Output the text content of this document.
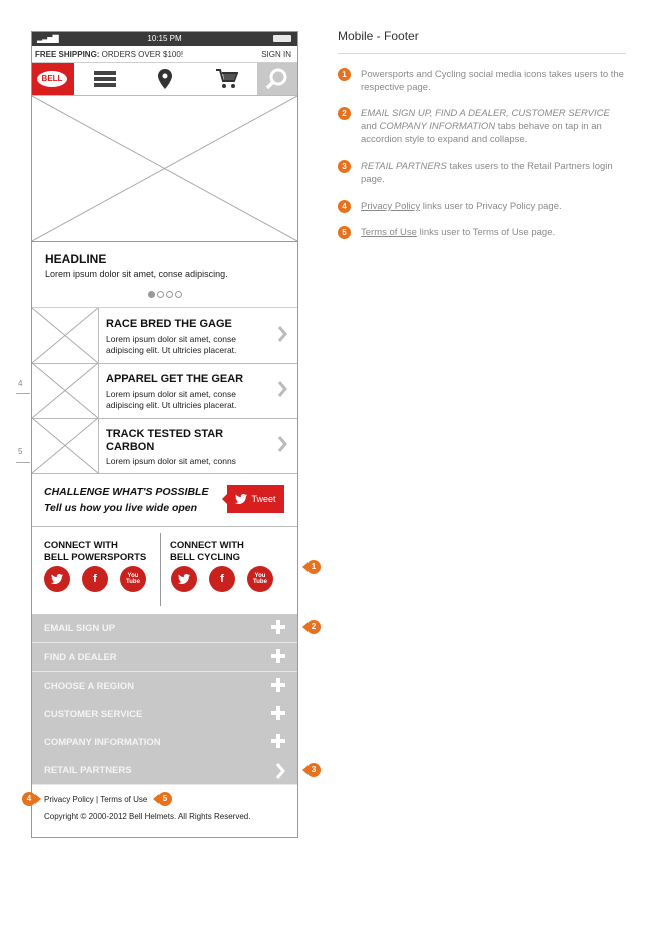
4
5
▂▃▅▇	10:15 PM
FREE SHIPPING: ORDERS OVER $100!	SIGN IN
BELL
HEADLINE
Lorem ipsum dolor sit amet, conse adipiscing.
RACE BRED THE GAGE
Lorem ipsum dolor sit amet, conse adipiscing elit. Ut ultricies placerat.
APPAREL GET THE GEAR
Lorem ipsum dolor sit amet, conse adipiscing elit. Ut ultricies placerat.
TRACK TESTED STAR CARBON
Lorem ipsum dolor sit amet, conns
CHALLENGE WHAT'S POSSIBLE
Tell us how you live wide open
Tweet
CONNECT WITH
BELL POWERSPORTS
CONNECT WITH
BELL CYCLING
f	You
Tube	f	You
Tube
EMAIL SIGN UP
FIND A DEALER
CHOOSE A REGION
CUSTOMER SERVICE
COMPANY INFORMATION
RETAIL PARTNERS
Privacy Policy | Terms of Use
Copyright © 2000-2012 Bell Helmets. All Rights Reserved.
1
2
3
4	5
Mobile - Footer
1	Powersports and Cycling social media icons takes users to the respective page.
2	EMAIL SIGN UP, FIND A DEALER, CUSTOMER SERVICE and COMPANY INFORMATION tabs behave on tap in an accordion style to expand and collapse.
3	RETAIL PARTNERS takes users to the Retail Partners login page.
4	Privacy Policy links user to Privacy Policy page.
5	Terms of Use links user to Terms of Use page.
